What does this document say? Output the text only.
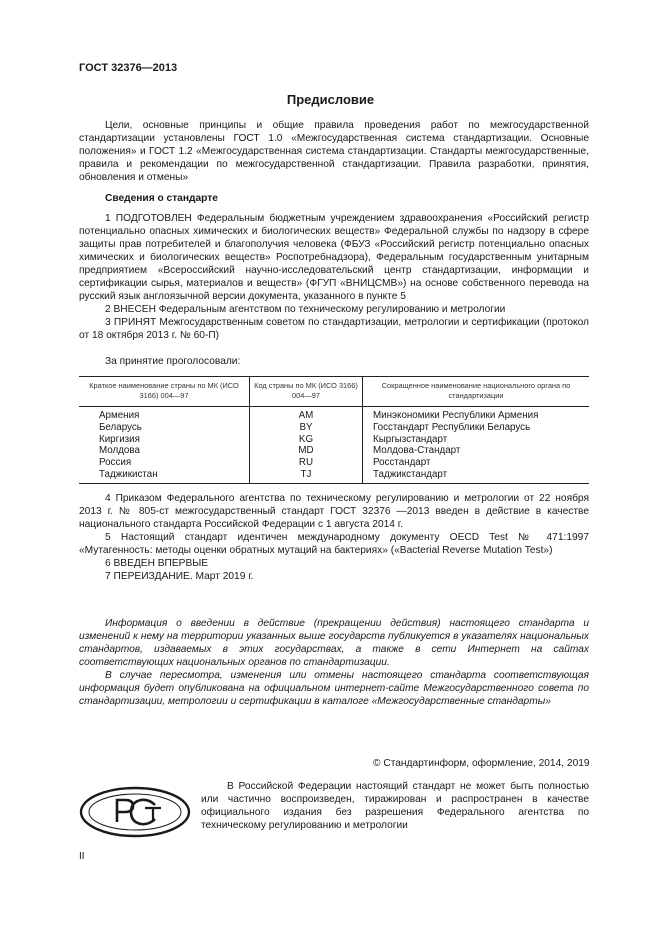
ГОСТ 32376—2013
Предисловие

Цели, основные принципы и общие правила проведения работ по межгосударственной стандартизации установлены ГОСТ 1.0 «Межгосударственная система стандартизации. Основные положения» и ГОСТ 1.2 «Межгосударственная система стандартизации. Стандарты межгосударственные, правила и рекомендации по межгосударственной стандартизации. Правила разработки, принятия, обновления и отмены»

Сведения о стандарте

1 ПОДГОТОВЛЕН Федеральным бюджетным учреждением здравоохранения «Российский регистр потенциально опасных химических и биологических веществ» Федеральной службы по надзору в сфере защиты прав потребителей и благополучия человека (ФБУЗ «Российский регистр потенциально опасных химических и биологических веществ» Роспотребнадзора), Федеральным государственным унитарным предприятием «Всероссийский научно-исследовательский центр стандартизации, информации и сертификации сырья, материалов и веществ» (ФГУП «ВНИЦСМВ») на основе собственного перевода на русский язык англоязычной версии документа, указанного в пункте 5

2 ВНЕСЕН Федеральным агентством по техническому регулированию и метрологии

3 ПРИНЯТ Межгосударственным советом по стандартизации, метрологии и сертификации (протокол от 18 октября 2013 г. № 60-П)

За принятие проголосовали:
Краткое наименование страны по МК (ИСО 3166) 004—97	Код страны по МК (ИСО 3166) 004—97	Сокращенное наименование национального органа по стандартизации
Армения	AM	Минэкономики Республики Армения
Беларусь	BY	Госстандарт Республики Беларусь
Киргизия	KG	Кыргызстандарт
Молдова	MD	Молдова-Стандарт
Россия	RU	Росстандарт
Таджикистан	TJ	Таджикстандарт

4 Приказом Федерального агентства по техническому регулированию и метрологии от 22 ноября 2013 г. № 805-ст межгосударственный стандарт ГОСТ 32376 —2013 введен в действие в качестве национального стандарта Российской Федерации с 1 августа 2014 г.

5 Настоящий стандарт идентичен международному документу OECD Test № 471:1997 «Мутагенность: методы оценки обратных мутаций на бактериях» («Bacterial Reverse Mutation Test»)

6 ВВЕДЕН ВПЕРВЫЕ

7 ПЕРЕИЗДАНИЕ. Март 2019 г.

Информация о введении в действие (прекращении действия) настоящего стандарта и изменений к нему на территории указанных выше государств публикуется в указателях национальных стандартов, издаваемых в этих государствах, а также в сети Интернет на сайтах соответствующих национальных органов по стандартизации.

В случае пересмотра, изменения или отмены настоящего стандарта соответствующая информация будет опубликована на официальном интернет-сайте Межгосударственного совета по стандартизации, метрологии и сертификации в каталоге «Межгосударственные стандарты»

© Стандартинформ, оформление, 2014, 2019

В Российской Федерации настоящий стандарт не может быть полностью или частично воспроизведен, тиражирован и распространен в качестве официального издания без разрешения Федерального агентства по техническому регулированию и метрологии

II
